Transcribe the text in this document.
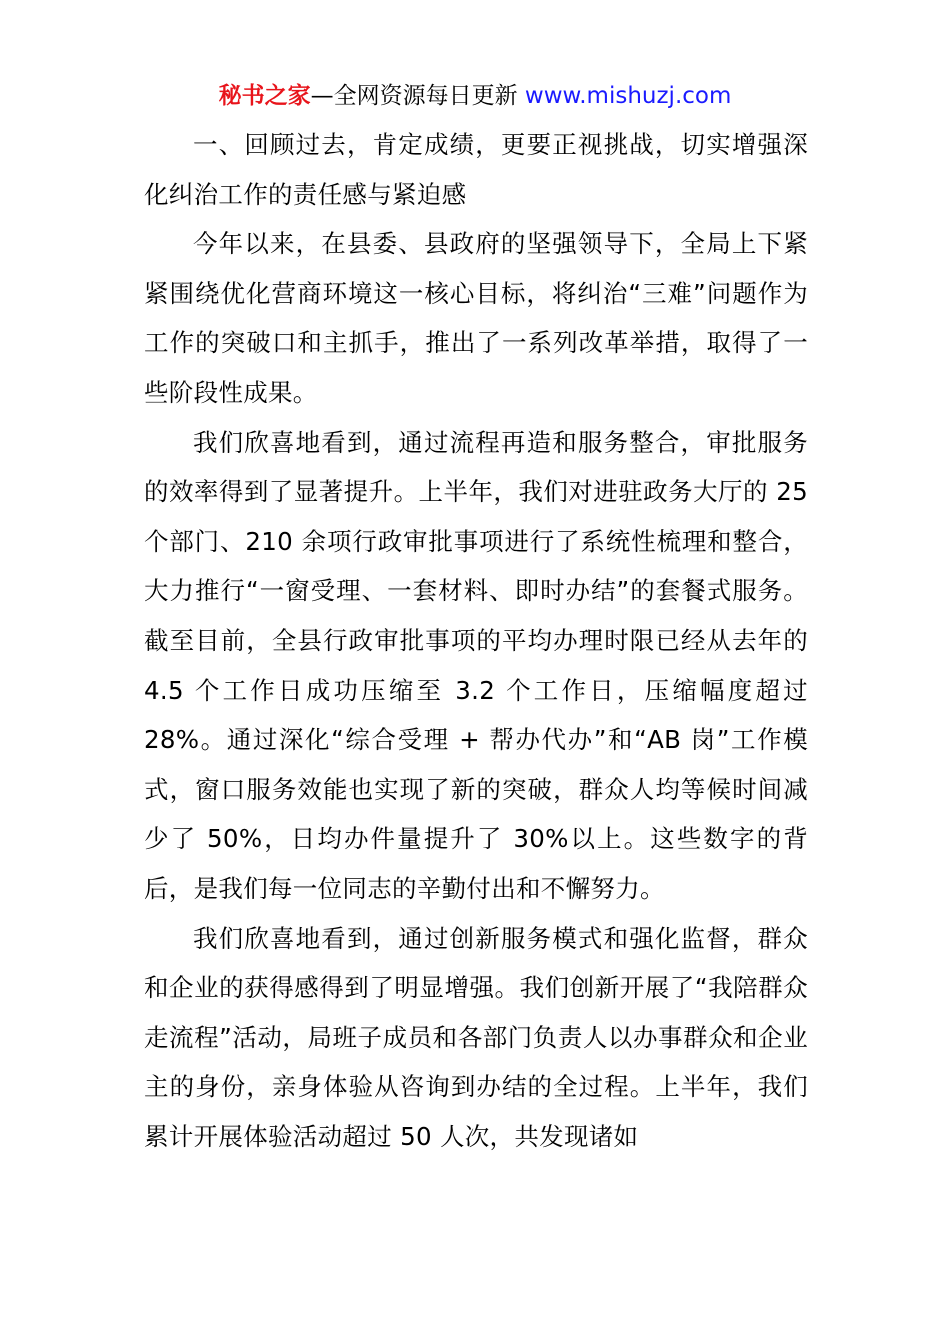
秘书之家—全网资源每日更新 www.mishuzj.com

一、回顾过去，肯定成绩，更要正视挑战，切实增强深化纠治工作的责任感与紧迫感

今年以来，在县委、县政府的坚强领导下，全局上下紧紧围绕优化营商环境这一核心目标，将纠治“三难”问题作为工作的突破口和主抓手，推出了一系列改革举措，取得了一些阶段性成果。

我们欣喜地看到，通过流程再造和服务整合，审批服务的效率得到了显著提升。上半年，我们对进驻政务大厅的 25 个部门、210 余项行政审批事项进行了系统性梳理和整合，大力推行“一窗受理、一套材料、即时办结”的套餐式服务。截至目前，全县行政审批事项的平均办理时限已经从去年的 4.5 个工作日成功压缩至 3.2 个工作日，压缩幅度超过 28%。通过深化“综合受理 + 帮办代办”和“AB 岗”工作模式，窗口服务效能也实现了新的突破，群众人均等候时间减少了 50%，日均办件量提升了 30%以上。这些数字的背后，是我们每一位同志的辛勤付出和不懈努力。

我们欣喜地看到，通过创新服务模式和强化监督，群众和企业的获得感得到了明显增强。我们创新开展了“我陪群众走流程”活动，局班子成员和各部门负责人以办事群众和企业主的身份，亲身体验从咨询到办结的全过程。上半年，我们累计开展体验活动超过 50 人次，共发现诸如
